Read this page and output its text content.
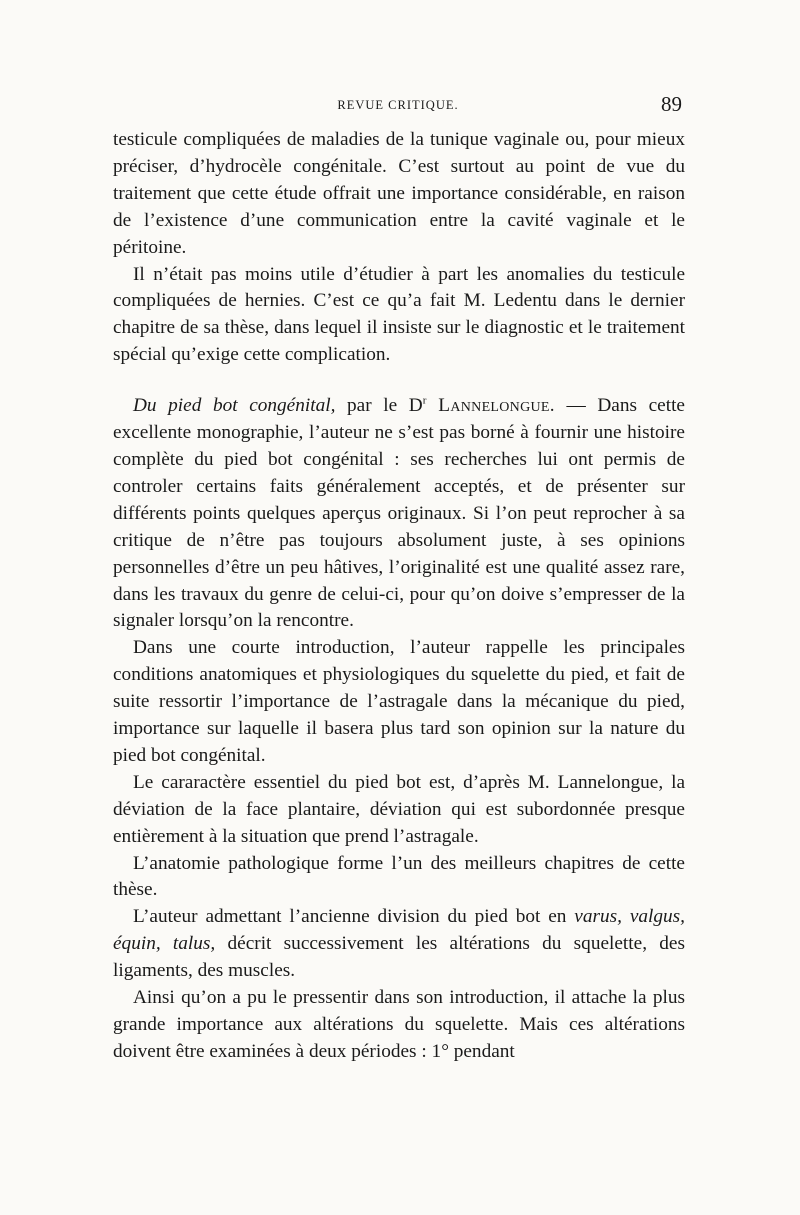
REVUE CRITIQUE.	89

testicule compliquées de maladies de la tunique vaginale ou, pour mieux préciser, d’hydrocèle congénitale. C’est surtout au point de vue du traitement que cette étude offrait une importance considérable, en raison de l’existence d’une communication entre la cavité vaginale et le péritoine.

Il n’était pas moins utile d’étudier à part les anomalies du testicule compliquées de hernies. C’est ce qu’a fait M. Ledentu dans le dernier chapitre de sa thèse, dans lequel il insiste sur le diagnostic et le traitement spécial qu’exige cette complication.

Du pied bot congénital, par le $D^r$ Lannelongue. — Dans cette excellente monographie, l’auteur ne s’est pas borné à fournir une histoire complète du pied bot congénital : ses recherches lui ont permis de controler certains faits généralement acceptés, et de présenter sur différents points quelques aperçus originaux. Si l’on peut reprocher à sa critique de n’être pas toujours absolument juste, à ses opinions personnelles d’être un peu hâtives, l’originalité est une qualité assez rare, dans les travaux du genre de celui-ci, pour qu’on doive s’empresser de la signaler lorsqu’on la rencontre.

Dans une courte introduction, l’auteur rappelle les principales conditions anatomiques et physiologiques du squelette du pied, et fait de suite ressortir l’importance de l’astragale dans la mécanique du pied, importance sur laquelle il basera plus tard son opinion sur la nature du pied bot congénital.

Le cararactère essentiel du pied bot est, d’après M. Lannelongue, la déviation de la face plantaire, déviation qui est subordonnée presque entièrement à la situation que prend l’astragale.

L’anatomie pathologique forme l’un des meilleurs chapitres de cette thèse.

L’auteur admettant l’ancienne division du pied bot en varus, valgus, équin, talus, décrit successivement les altérations du squelette, des ligaments, des muscles.

Ainsi qu’on a pu le pressentir dans son introduction, il attache la plus grande importance aux altérations du squelette. Mais ces altérations doivent être examinées à deux périodes : 1° pendant
